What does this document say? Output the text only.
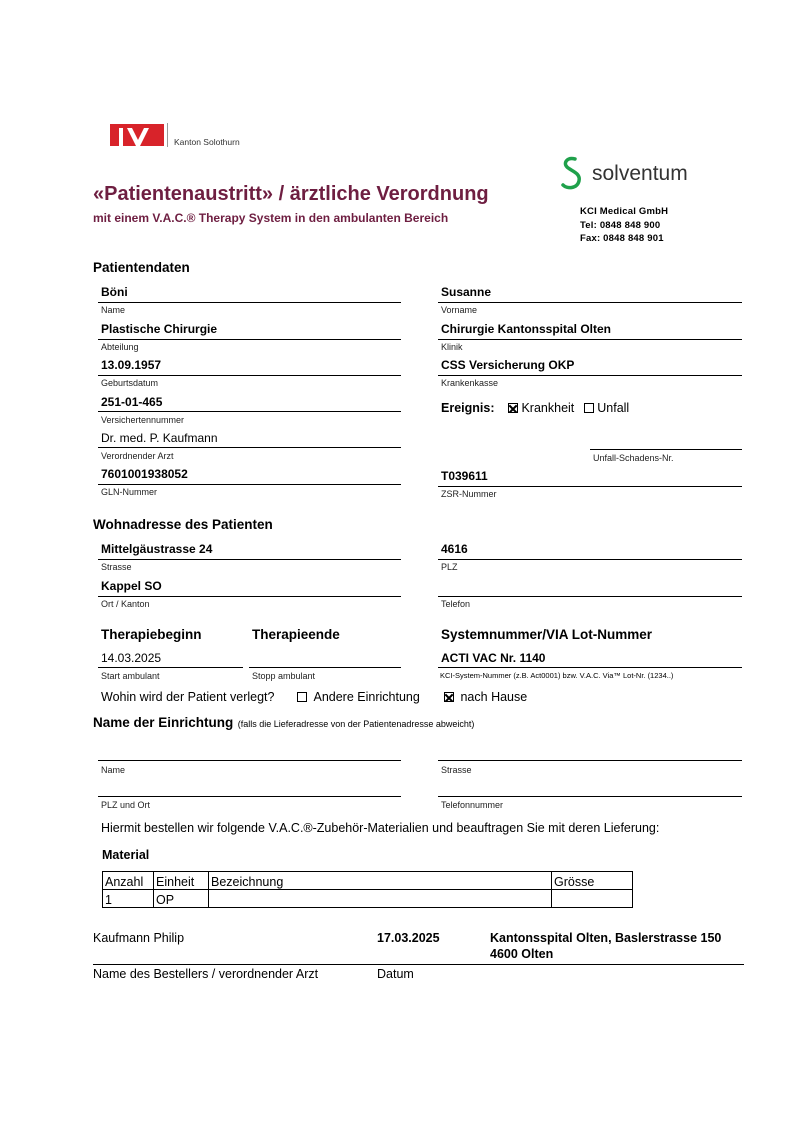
Kanton Solothurn
«Patientenaustritt» / ärztliche Verordnung
mit einem V.A.C.® Therapy System in den ambulanten Bereich
solventum
KCI Medical GmbH
Tel: 0848 848 900
Fax: 0848 848 901
Patientendaten
Böni
Name
Susanne
Vorname
Plastische Chirurgie
Abteilung
Chirurgie Kantonsspital Olten
Klinik
13.09.1957
Geburtsdatum
CSS Versicherung OKP
Krankenkasse
251-01-465
Versichertennummer
Ereignis: Krankheit Unfall
Dr. med. P. Kaufmann
Verordnender Arzt	Unfall-Schadens-Nr.
7601001938052
GLN-Nummer
T039611
ZSR-Nummer
Wohnadresse des Patienten
Mittelgäustrasse 24
Strasse
4616
PLZ
Kappel SO
Ort / Kanton	Telefon
Therapiebeginn	Therapieende	Systemnummer/VIA Lot-Nummer
14.03.2025
Start ambulant	Stopp ambulant
ACTI VAC Nr. 1140
KCI-System-Nummer (z.B. Act0001) bzw. V.A.C. Via™ Lot-Nr. (1234..)
Wohin wird der Patient verlegt?	Andere Einrichtung	nach Hause
Name der Einrichtung (falls die Lieferadresse von der Patientenadresse abweicht)
Name	Strasse
PLZ und Ort	Telefonnummer
Hiermit bestellen wir folgende V.A.C.®-Zubehör-Materialien und beauftragen Sie mit deren Lieferung:
Material
Anzahl	Einheit	Bezeichnung	Grösse
1	OP		
Kaufmann Philip	17.03.2025	Kantonsspital Olten, Baslerstrasse 150
4600 Olten
Name des Bestellers / verordnender Arzt	Datum
